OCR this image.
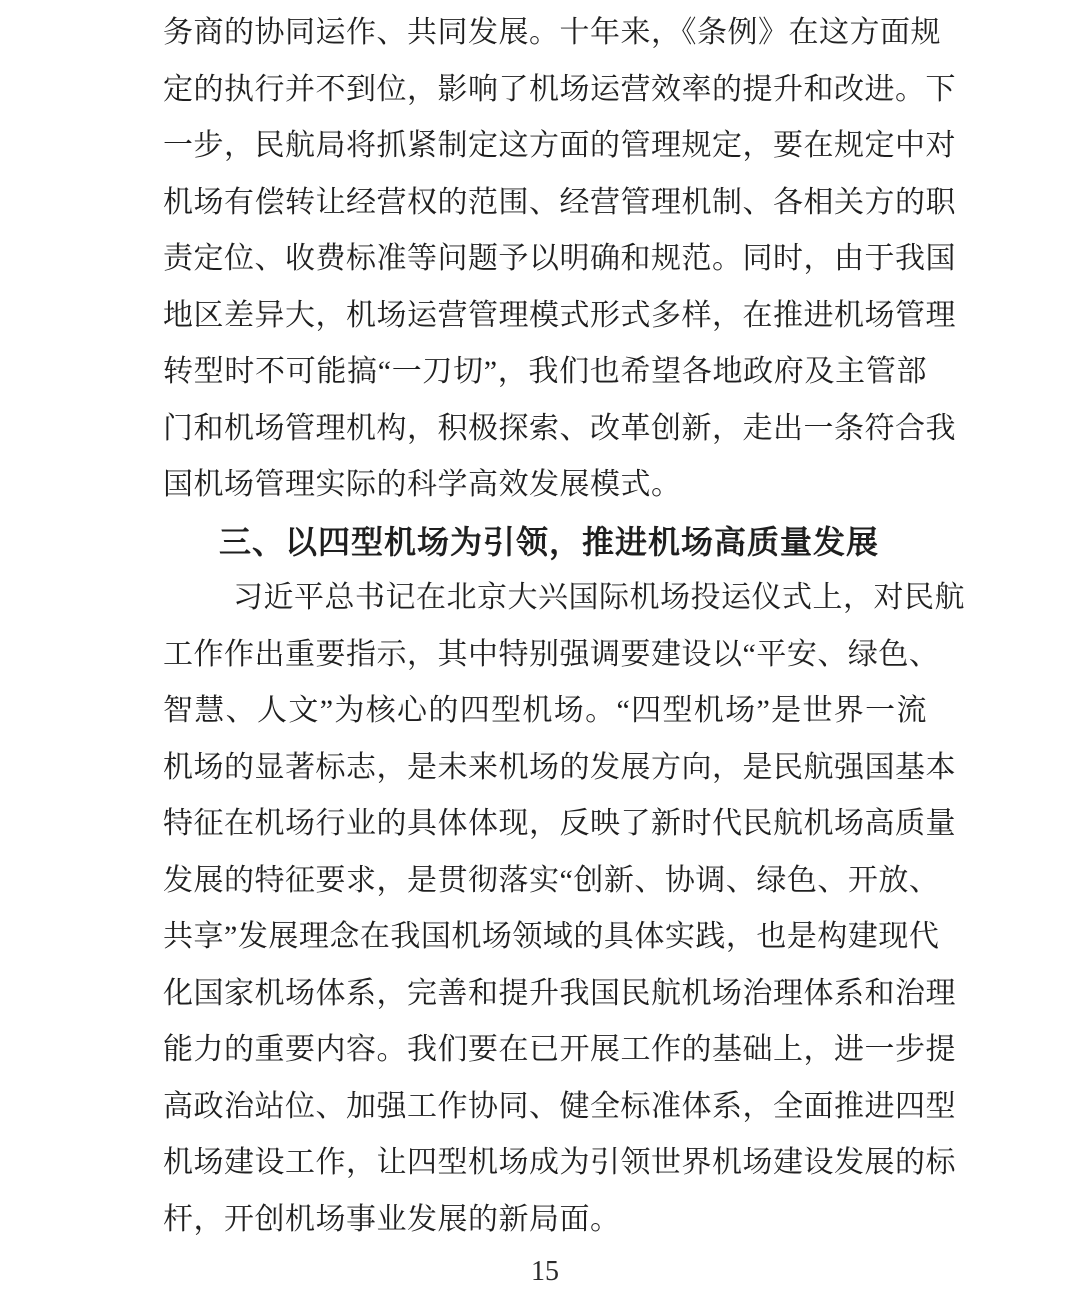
务商的协同运作、共同发展。十年来，《条例》在这方面规
定的执行并不到位，影响了机场运营效率的提升和改进。下
一步，民航局将抓紧制定这方面的管理规定，要在规定中对
机场有偿转让经营权的范围、经营管理机制、各相关方的职
责定位、收费标准等问题予以明确和规范。同时，由于我国
地区差异大，机场运营管理模式形式多样，在推进机场管理
转型时不可能搞“一刀切”，我们也希望各地政府及主管部
门和机场管理机构，积极探索、改革创新，走出一条符合我
国机场管理实际的科学高效发展模式。
三、以四型机场为引领，推进机场高质量发展
习近平总书记在北京大兴国际机场投运仪式上，对民航
工作作出重要指示，其中特别强调要建设以“平安、绿色、
智慧、人文”为核心的四型机场。“四型机场”是世界一流
机场的显著标志，是未来机场的发展方向，是民航强国基本
特征在机场行业的具体体现，反映了新时代民航机场高质量
发展的特征要求，是贯彻落实“创新、协调、绿色、开放、
共享”发展理念在我国机场领域的具体实践，也是构建现代
化国家机场体系，完善和提升我国民航机场治理体系和治理
能力的重要内容。我们要在已开展工作的基础上，进一步提
高政治站位、加强工作协同、健全标准体系，全面推进四型
机场建设工作，让四型机场成为引领世界机场建设发展的标
杆，开创机场事业发展的新局面。
15
